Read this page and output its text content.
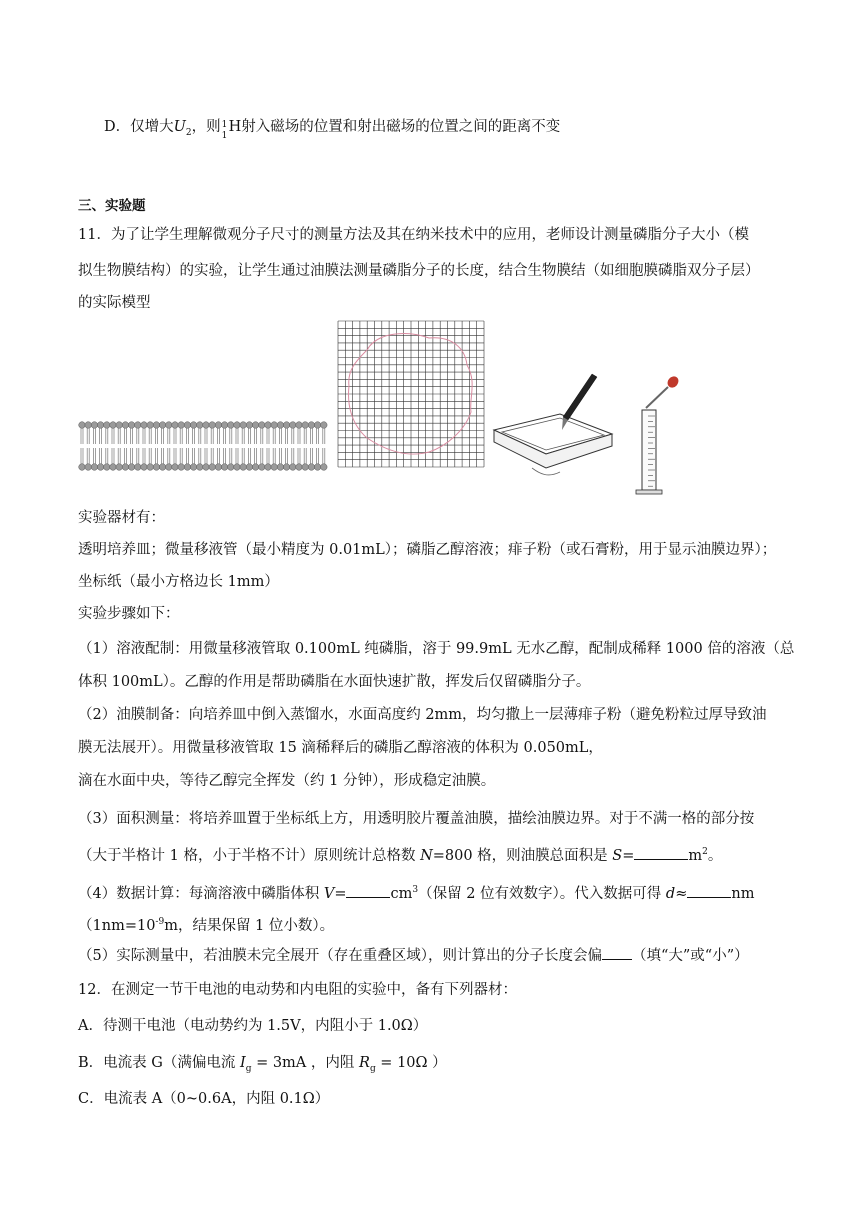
D．仅增大$U_2$，则 1
1
H射入磁场的位置和射出磁场的位置之间的距离不变
三、实验题
11．为了让学生理解微观分子尺寸的测量方法及其在纳米技术中的应用，老师设计测量磷脂分子大小（模
拟生物膜结构）的实验，让学生通过油膜法测量磷脂分子的长度，结合生物膜结（如细胞膜磷脂双分子层）
的实际模型
实验器材有：
透明培养皿；微量移液管（最小精度为 0.01mL）；磷脂乙醇溶液；痱子粉（或石膏粉，用于显示油膜边界）；
坐标纸（最小方格边长 1mm）
实验步骤如下：
（1）溶液配制：用微量移液管取 0.100mL 纯磷脂，溶于 99.9mL 无水乙醇，配制成稀释 1000 倍的溶液（总
体积 100mL）。乙醇的作用是帮助磷脂在水面快速扩散，挥发后仅留磷脂分子。
（2）油膜制备：向培养皿中倒入蒸馏水，水面高度约 2mm，均匀撒上一层薄痱子粉（避免粉粒过厚导致油
膜无法展开）。用微量移液管取 15 滴稀释后的磷脂乙醇溶液的体积为 0.050mL，
滴在水面中央，等待乙醇完全挥发（约 1 分钟），形成稳定油膜。
（3）面积测量：将培养皿置于坐标纸上方，用透明胶片覆盖油膜，描绘油膜边界。对于不满一格的部分按
（大于半格计 1 格，小于半格不计）原则统计总格数 N=800 格，则油膜总面积是 S=	$m^2$。
（4）数据计算：每滴溶液中磷脂体积 V=	$cm^3$（保留 2 位有效数字）。代入数据可得 d≈	nm
（$1nm=10^{-9}m$，结果保留 1 位小数）。
（5）实际测量中，若油膜未完全展开（存在重叠区域），则计算出的分子长度会偏 （填“大”或“小”）
12．在测定一节干电池的电动势和内电阻的实验中，备有下列器材：
A．待测干电池（电动势约为 1.5V，内阻小于 1.0Ω）
B．电流表 G（满偏电流 $I_g = 3mA$ ，内阻 $R_g = 10\Omega$ ）
C．电流表 A（0~0.6A，内阻 0.1Ω）
